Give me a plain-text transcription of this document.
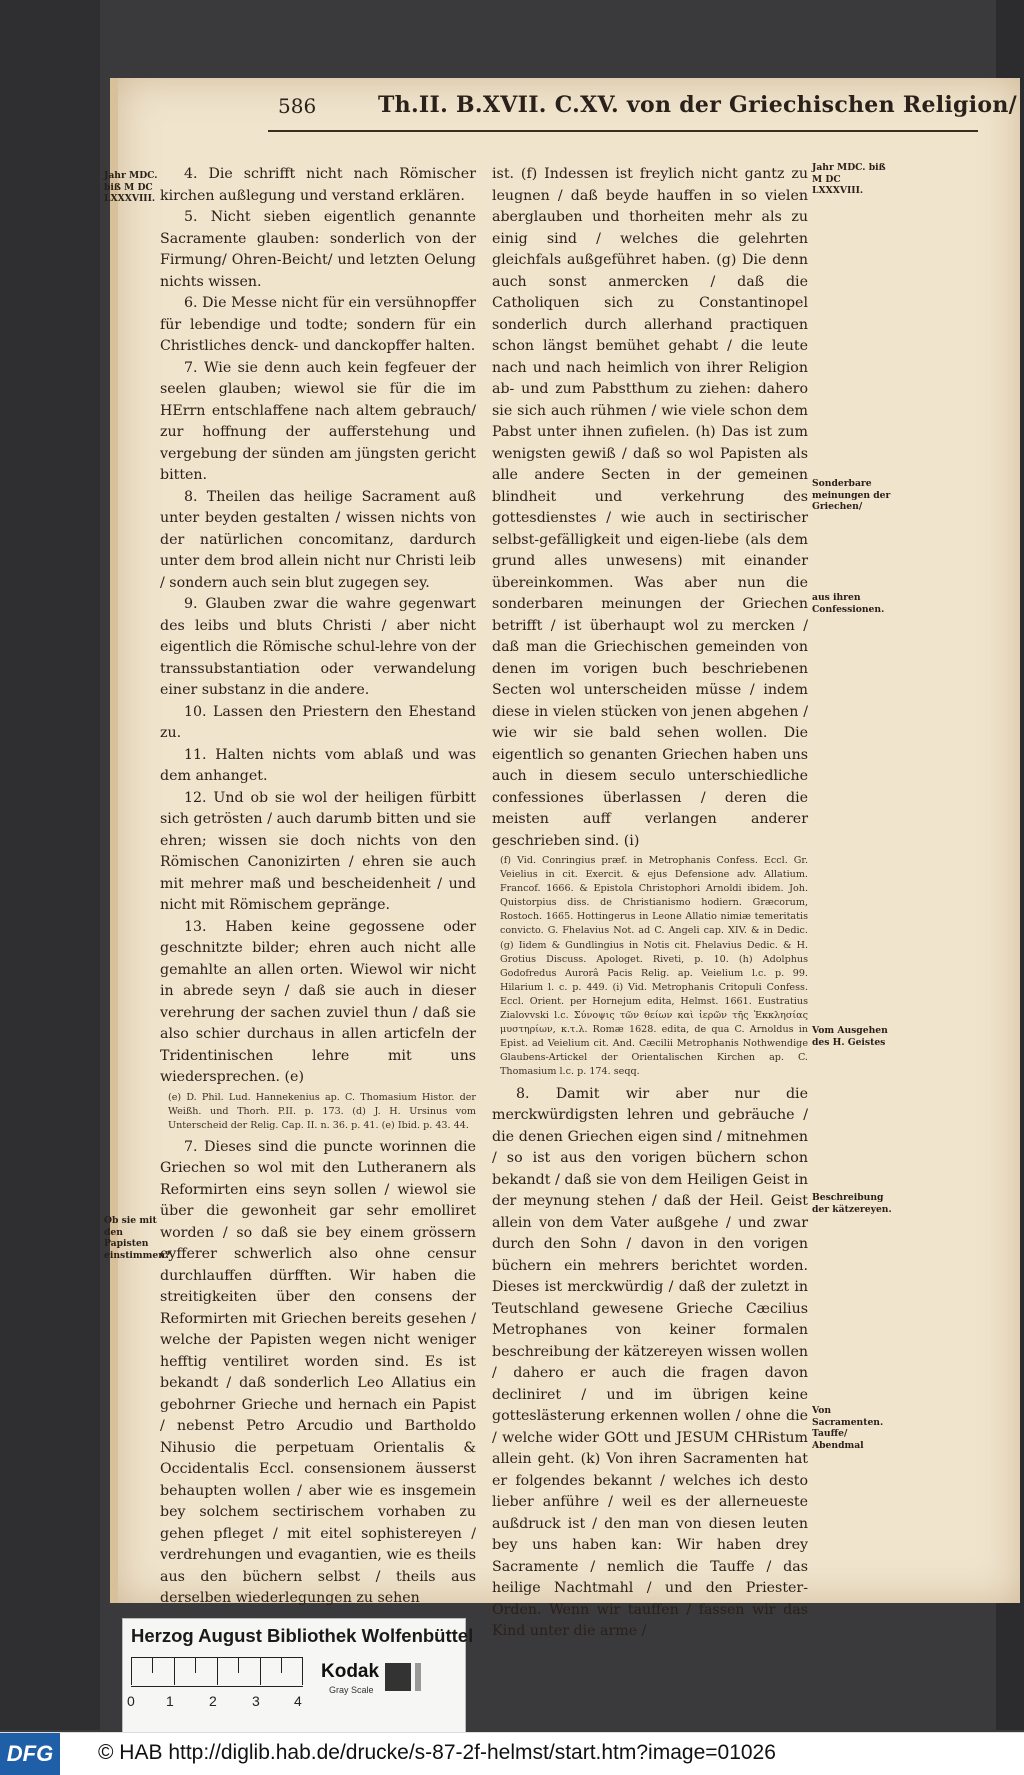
586	Th.II. B.XVII. C.XV. von der Griechischen Religion/
Jahr MDC. biß M DC LXXXVIII.
Ob sie mit den Papisten einstimmen?
Jahr MDC. biß M DC LXXXVIII.
Sonderbare meinungen der Griechen/
aus ihren Confessionen.
Vom Ausgehen des H. Geistes
Beschreibung der kätzereyen.
Von Sacramenten. Tauffe/ Abendmal

4. Die schrifft nicht nach Römischer kirchen außlegung und verstand erklären.

5. Nicht sieben eigentlich genannte Sacramente glauben: sonderlich von der Firmung/ Ohren-Beicht/ und letzten Oelung nichts wissen.

6. Die Messe nicht für ein versühnopffer für lebendige und todte; sondern für ein Christliches denck- und danckopffer halten.

7. Wie sie denn auch kein fegfeuer der seelen glauben; wiewol sie für die im HErrn entschlaffene nach altem gebrauch/ zur hoffnung der aufferstehung und vergebung der sünden am jüngsten gericht bitten.

8. Theilen das heilige Sacrament auß unter beyden gestalten / wissen nichts von der natürlichen concomitanz, dardurch unter dem brod allein nicht nur Christi leib / sondern auch sein blut zugegen sey.

9. Glauben zwar die wahre gegenwart des leibs und bluts Christi / aber nicht eigentlich die Römische schul-lehre von der transsubstantiation oder verwandelung einer substanz in die andere.

10. Lassen den Priestern den Ehestand zu.

11. Halten nichts vom ablaß und was dem anhanget.

12. Und ob sie wol der heiligen fürbitt sich getrösten / auch darumb bitten und sie ehren; wissen sie doch nichts von den Römischen Canonizirten / ehren sie auch mit mehrer maß und bescheidenheit / und nicht mit Römischem gepränge.

13. Haben keine gegossene oder geschnitzte bilder; ehren auch nicht alle gemahlte an allen orten. Wiewol wir nicht in abrede seyn / daß sie auch in dieser verehrung der sachen zuviel thun / daß sie also schier durchaus in allen articfeln der Tridentinischen lehre mit uns wiedersprechen. (e)

(e) D. Phil. Lud. Hannekenius ap. C. Thomasium Histor. der Weißh. und Thorh. P.II. p. 173. (d) J. H. Ursinus vom Unterscheid der Relig. Cap. II. n. 36. p. 41. (e) Ibid. p. 43. 44.

7. Dieses sind die puncte worinnen die Griechen so wol mit den Lutheranern als Reformirten eins seyn sollen / wiewol sie über die gewonheit gar sehr emolliret worden / so daß sie bey einem grössern eyfferer schwerlich also ohne censur durchlauffen dürfften. Wir haben die streitigkeiten über den consens der Reformirten mit Griechen bereits gesehen / welche der Papisten wegen nicht weniger hefftig ventiliret worden sind. Es ist bekandt / daß sonderlich Leo Allatius ein gebohrner Grieche und hernach ein Papist / nebenst Petro Arcudio und Bartholdo Nihusio die perpetuam Orientalis & Occidentalis Eccl. consensionem äusserst behaupten wollen / aber wie es insgemein bey solchem sectirischem vorhaben zu gehen pfleget / mit eitel sophistereyen / verdrehungen und evagantien, wie es theils aus den büchern selbst / theils aus derselben wiederlegungen zu sehen

ist. (f) Indessen ist freylich nicht gantz zu leugnen / daß beyde hauffen in so vielen aberglauben und thorheiten mehr als zu einig sind / welches die gelehrten gleichfals außgeführet haben. (g) Die denn auch sonst anmercken / daß die Catholiquen sich zu Constantinopel sonderlich durch allerhand practiquen schon längst bemühet gehabt / die leute nach und nach heimlich von ihrer Religion ab- und zum Pabstthum zu ziehen: dahero sie sich auch rühmen / wie viele schon dem Pabst unter ihnen zufielen. (h) Das ist zum wenigsten gewiß / daß so wol Papisten als alle andere Secten in der gemeinen blindheit und verkehrung des gottesdienstes / wie auch in sectirischer selbst-gefälligkeit und eigen-liebe (als dem grund alles unwesens) mit einander übereinkommen. Was aber nun die sonderbaren meinungen der Griechen betrifft / ist überhaupt wol zu mercken / daß man die Griechischen gemeinden von denen im vorigen buch beschriebenen Secten wol unterscheiden müsse / indem diese in vielen stücken von jenen abgehen / wie wir sie bald sehen wollen. Die eigentlich so genanten Griechen haben uns auch in diesem seculo unterschiedliche confessiones überlassen / deren die meisten auff verlangen anderer geschrieben sind. (i)

(f) Vid. Conringius præf. in Metrophanis Confess. Eccl. Gr. Veielius in cit. Exercit. & ejus Defensione adv. Allatium. Francof. 1666. & Epistola Christophori Arnoldi ibidem. Joh. Quistorpius diss. de Christianismo hodiern. Græcorum, Rostoch. 1665. Hottingerus in Leone Allatio nimiæ temeritatis convicto. G. Fhelavius Not. ad C. Angeli cap. XIV. & in Dedic. (g) Iidem & Gundlingius in Notis cit. Fhelavius Dedic. & H. Grotius Discuss. Apologet. Riveti, p. 10. (h) Adolphus Godofredus Aurorâ Pacis Relig. ap. Veielium l.c. p. 99. Hilarium l. c. p. 449. (i) Vid. Metrophanis Critopuli Confess. Eccl. Orient. per Hornejum edita, Helmst. 1661. Eustratius Zialovvski l.c. Σύνοψις τῶν θείων καὶ ἱερῶν τῆς Ἐκκλησίας μυστηρίων, κ.τ.λ. Romæ 1628. edita, de qua C. Arnoldus in Epist. ad Veielium cit. And. Cæcilii Metrophanis Nothwendige Glaubens-Artickel der Orientalischen Kirchen ap. C. Thomasium l.c. p. 174. seqq.

8. Damit wir aber nur die merckwürdigsten lehren und gebräuche / die denen Griechen eigen sind / mitnehmen / so ist aus den vorigen büchern schon bekandt / daß sie von dem Heiligen Geist in der meynung stehen / daß der Heil. Geist allein von dem Vater außgehe / und zwar durch den Sohn / davon in den vorigen büchern ein mehrers berichtet worden. Dieses ist merckwürdig / daß der zuletzt in Teutschland gewesene Grieche Cæcilius Metrophanes von keiner formalen beschreibung der kätzereyen wissen wollen / dahero er auch die fragen davon decliniret / und im übrigen keine gotteslästerung erkennen wollen / ohne die / welche wider GOtt und JESUM CHRistum allein geht. (k) Von ihren Sacramenten hat er folgendes bekannt / welches ich desto lieber anführe / weil es der allerneueste außdruck ist / den man von diesen leuten bey uns haben kan: Wir haben drey Sacramente / nemlich die Tauffe / das heilige Nachtmahl / und den Priester-Orden. Wenn wir tauffen / fassen wir das Kind unter die arme /

Herzog August Bibliothek Wolfenbüttel
0 1	2	3 4
Kodak
Gray Scale
DFG	© HAB http://diglib.hab.de/drucke/s-87-2f-helmst/start.htm?image=01026
